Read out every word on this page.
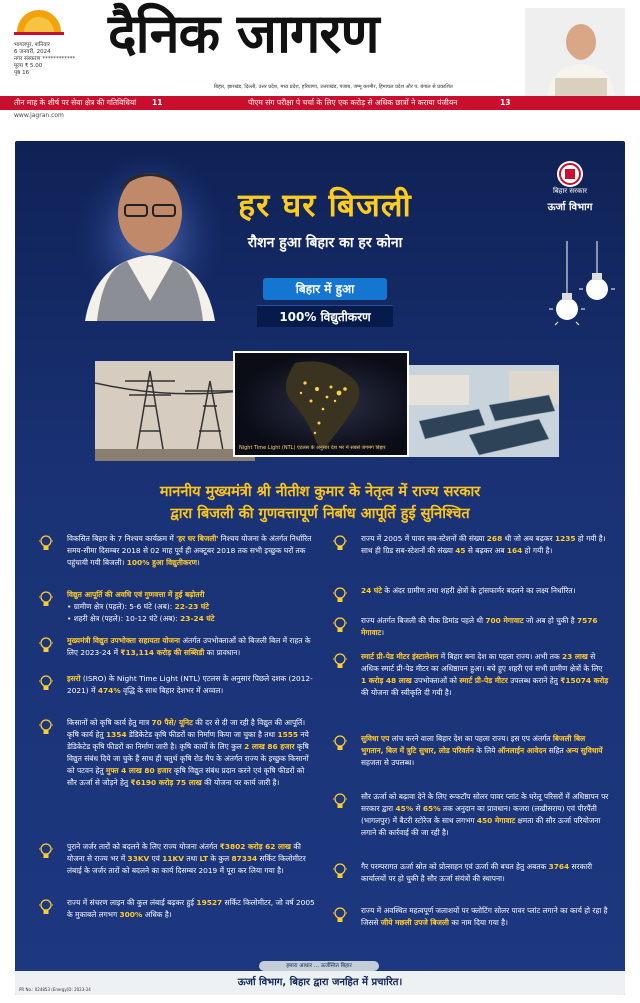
भागलपुर, शनिवार
6 जनवरी, 2024
नगर संस्करण ************
मूल्य ₹ 5.00
पृष्ठ 16
दैनिक जागरण
बिहार, झारखंड, दिल्ली, उत्तर प्रदेश, मध्य प्रदेश, हरियाणा, उत्तराखंड, पंजाब, जम्मू कश्मीर, हिमाचल प्रदेश और प. बंगाल से प्रकाशित
तीन माह के शीर्ष पर सेवा क्षेत्र की गतिविधियां 11	पीएम संग परीक्षा पे चर्चा के लिए एक करोड़ से अधिक छात्रों ने कराया पंजीयन	13
www.jagran.com
बिहार सरकार
ऊर्जा विभाग
हर घर बिजली
रौशन हुआ बिहार का हर कोना
बिहार में हुआ
100% विद्युतीकरण
Night Time Light (NTL) एटलस के अनुसार देश भर में सबसे जगमग बिहार
माननीय मुख्यमंत्री श्री नीतीश कुमार के नेतृत्व में राज्य सरकार
द्वारा बिजली की गुणवत्तापूर्ण निर्बाध आपूर्ति हुई सुनिश्चित
विकसित बिहार के 7 निश्चय कार्यक्रम में 'हर घर बिजली' निश्चय योजना के अंतर्गत निर्धारित समय-सीमा दिसम्बर 2018 से 02 माह पूर्व ही अक्टूबर 2018 तक सभी इच्छुक घरों तक पहुंचायी गयी बिजली। 100% हुआ विद्युतीकरण।
विद्युत आपूर्ति की अवधि एवं गुणवत्ता में हुई बढ़ोतरी
• ग्रामीण क्षेत्र (पहले): 5-6 घंटे (अब): 22-23 घंटे
• शहरी क्षेत्र (पहले): 10-12 घंटे (अब): 23-24 घंटे
मुख्यमंत्री विद्युत उपभोक्ता सहायता योजना अंतर्गत उपभोक्ताओं को बिजली बिल में राहत के लिए 2023-24 में ₹13,114 करोड़ की सब्सिडी का प्रावधान।
इसरो (ISRO) के Night Time Light (NTL) एटलस के अनुसार पिछले दशक (2012-2021) में 474% वृद्धि के साथ बिहार देशभर में अव्वल।
किसानों को कृषि कार्य हेतु मात्र 70 पैसे/ यूनिट की दर से दी जा रही है विद्युत की आपूर्ति। कृषि कार्य हेतु 1354 डेडिकेटेड कृषि फीडरों का निर्माण किया जा चुका है तथा 1555 नये डेडिकेटेड कृषि फीडरों का निर्माण जारी है। कृषि कार्यों के लिए कुल 2 लाख 86 हजार कृषि विद्युत संबंध दिये जा चुके हैं साथ ही चतुर्थ कृषि रोड मैप के अंतर्गत राज्य के इच्छुक किसानों को पटवन हेतु मुफ्त 4 लाख 80 हजार कृषि विद्युत संबंध प्रदान करने एवं कृषि फीडरों को सौर ऊर्जा से जोड़ने हेतु ₹6190 करोड़ 75 लाख की योजना पर कार्य जारी है।
पुराने जर्जर तारों को बदलने के लिए राज्य योजना अंतर्गत ₹3802 करोड़ 62 लाख की योजना से राज्य भर में 33KV एवं 11KV तथा LT के कुल 87334 सर्किट किलोमीटर लंबाई के जर्जर तारों को बदलने का कार्य दिसम्बर 2019 में पूरा कर लिया गया है।
राज्य में संचरण लाइन की कुल लंबाई बढ़कर हुई 19527 सर्किट किलोमीटर, जो वर्ष 2005 के मुकाबले लगभग 300% अधिक है।
राज्य में 2005 में पावर सब-स्टेशनों की संख्या 268 थी जो अब बढ़कर 1235 हो गयी है। साथ ही ग्रिड सब-स्टेशनों की संख्या 45 से बढ़कर अब 164 हो गयी है।
24 घंटे के अंदर ग्रामीण तथा शहरी क्षेत्रों के ट्रांसफार्मर बदलने का लक्ष्य निर्धारित।
राज्य अंतर्गत बिजली की पीक डिमांड पहले थी 700 मेगावाट जो अब हो चुकी है 7576 मेगावाट।
स्मार्ट प्री-पेड मीटर इंस्टालेशन में बिहार बना देश का पहला राज्य। अभी तक 23 लाख से अधिक स्मार्ट प्री-पेड मीटर का अधिष्ठापन हुआ। बचे हुए शहरी एवं सभी ग्रामीण क्षेत्रों के लिए 1 करोड़ 48 लाख उपभोक्ताओं को स्मार्ट प्री-पेड मीटर उपलब्ध कराने हेतु ₹15074 करोड़ की योजना की स्वीकृति दी गयी है।
सुविधा एप लांच करने वाला बिहार देश का पहला राज्य। इस एप अंतर्गत बिजली बिल भुगतान, बिल में त्रुटि सुधार, लोड परिवर्तन के लिये ऑनलाईन आवेदन सहित अन्य सुविधायें सहजता से उपलब्ध।
सौर ऊर्जा को बढ़ावा देने के लिए रूफटॉप सोलर पावर प्लांट के घरेलू परिसरों में अधिष्ठापन पर सरकार द्वारा 45% से 65% तक अनुदान का प्रावधान। कजरा (लखीसराय) एवं पीरपैंती (भागलपुर) में बैटरी स्टोरेज के साथ लगभग 450 मेगावाट क्षमता की सौर ऊर्जा परियोजना लगाने की कार्रवाई की जा रही है।
गैर परम्परागत ऊर्जा स्रोत को प्रोत्साहन एवं ऊर्जा की बचत हेतु अबतक 3764 सरकारी कार्यालयों पर हो चुकी है सौर ऊर्जा संयंत्रों की स्थापना।
राज्य में अवस्थित महत्वपूर्ण जलाशयों पर फ्लोटिंग सोलर पावर प्लांट लगाने का कार्य हो रहा है जिससे जीये मछली उपजे बिजली का नाम दिया गया है।
हमारा आधार ... ऊर्जस्वित बिहार
ऊर्जा विभाग, बिहार द्वारा जनहित में प्रचारित।
PR No.: 024853 (Energy)D: 2023-24
